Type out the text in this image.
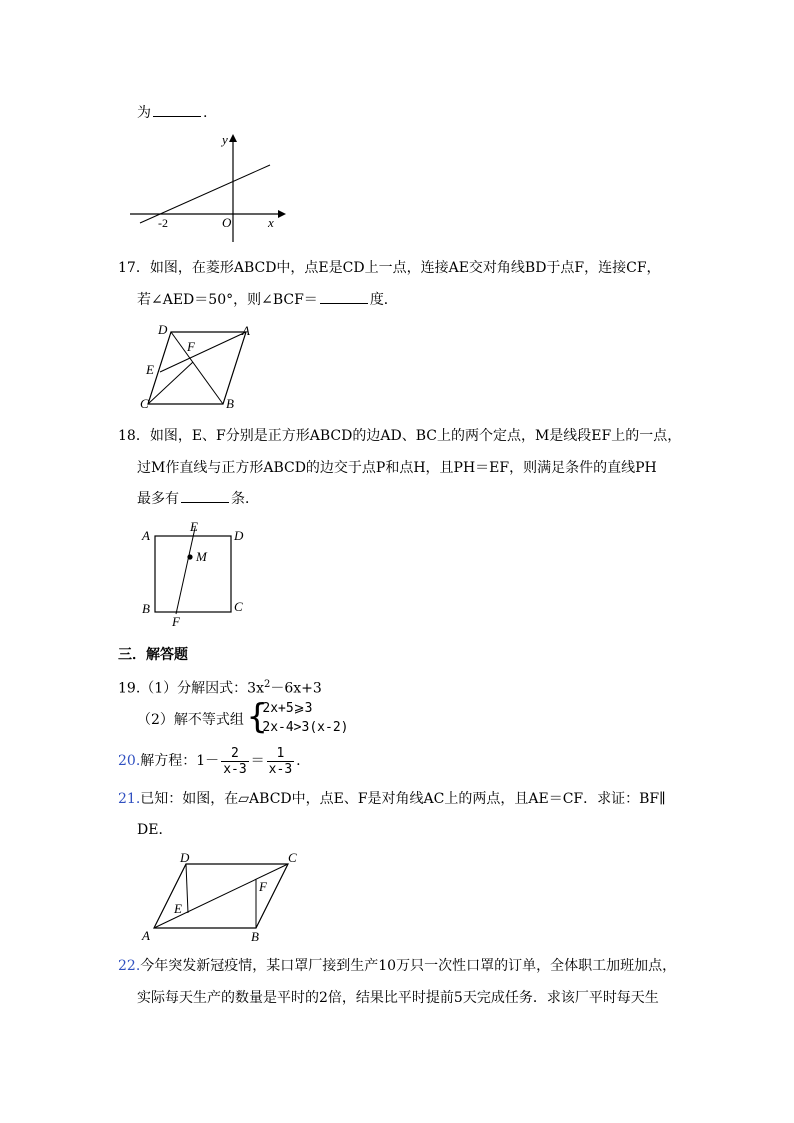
为	.
y
x
O
-2
17．如图，在菱形ABCD中，点E是CD上一点，连接AE交对角线BD于点F，连接CF，
若∠AED＝50°，则∠BCF＝	度．
D	A
F
E
C	B
18．如图，E、F分别是正方形ABCD的边AD、BC上的两个定点，M是线段EF上的一点，
过M作直线与正方形ABCD的边交于点P和点H，且PH＝EF，则满足条件的直线PH
最多有	条．
A
E
D
M
B	C
F
三．解答题
19.（1）分解因式：$3x^2-6x+3$
（2）解不等式组 {
2x+5⩾3
2x-4>3(x-2)
20.解方程：$1- \frac{2}{x-3} = \frac{1}{x-3}$ .
21.已知：如图，在▱ABCD中，点E、F是对角线AC上的两点，且AE＝CF．求证：BF∥
DE．
D	C
F
E
A	B
22.今年突发新冠疫情，某口罩厂接到生产10万只一次性口罩的订单，全体职工加班加点，
实际每天生产的数量是平时的2倍，结果比平时提前5天完成任务．求该厂平时每天生
